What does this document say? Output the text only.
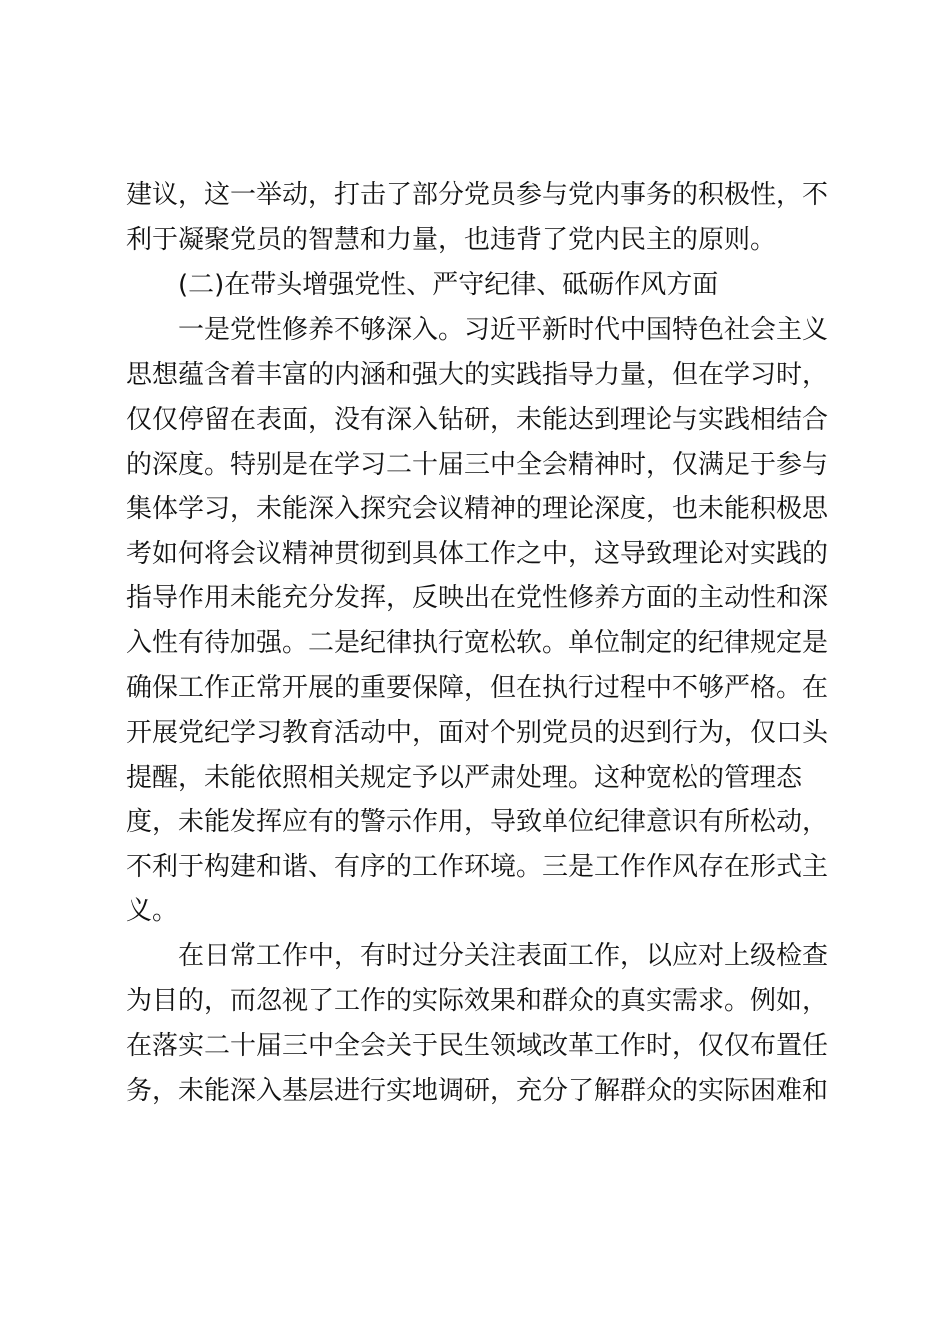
建议，这一举动，打击了部分党员参与党内事务的积极性，不
利于凝聚党员的智慧和力量，也违背了党内民主的原则。
(二)在带头增强党性、严守纪律、砥砺作风方面
一是党性修养不够深入。习近平新时代中国特色社会主义
思想蕴含着丰富的内涵和强大的实践指导力量，但在学习时，
仅仅停留在表面，没有深入钻研，未能达到理论与实践相结合
的深度。特别是在学习二十届三中全会精神时，仅满足于参与
集体学习，未能深入探究会议精神的理论深度，也未能积极思
考如何将会议精神贯彻到具体工作之中，这导致理论对实践的
指导作用未能充分发挥，反映出在党性修养方面的主动性和深
入性有待加强。二是纪律执行宽松软。单位制定的纪律规定是
确保工作正常开展的重要保障，但在执行过程中不够严格。在
开展党纪学习教育活动中，面对个别党员的迟到行为，仅口头
提醒，未能依照相关规定予以严肃处理。这种宽松的管理态
度，未能发挥应有的警示作用，导致单位纪律意识有所松动，
不利于构建和谐、有序的工作环境。三是工作作风存在形式主
义。
在日常工作中，有时过分关注表面工作，以应对上级检查
为目的，而忽视了工作的实际效果和群众的真实需求。例如，
在落实二十届三中全会关于民生领域改革工作时，仅仅布置任
务，未能深入基层进行实地调研，充分了解群众的实际困难和
